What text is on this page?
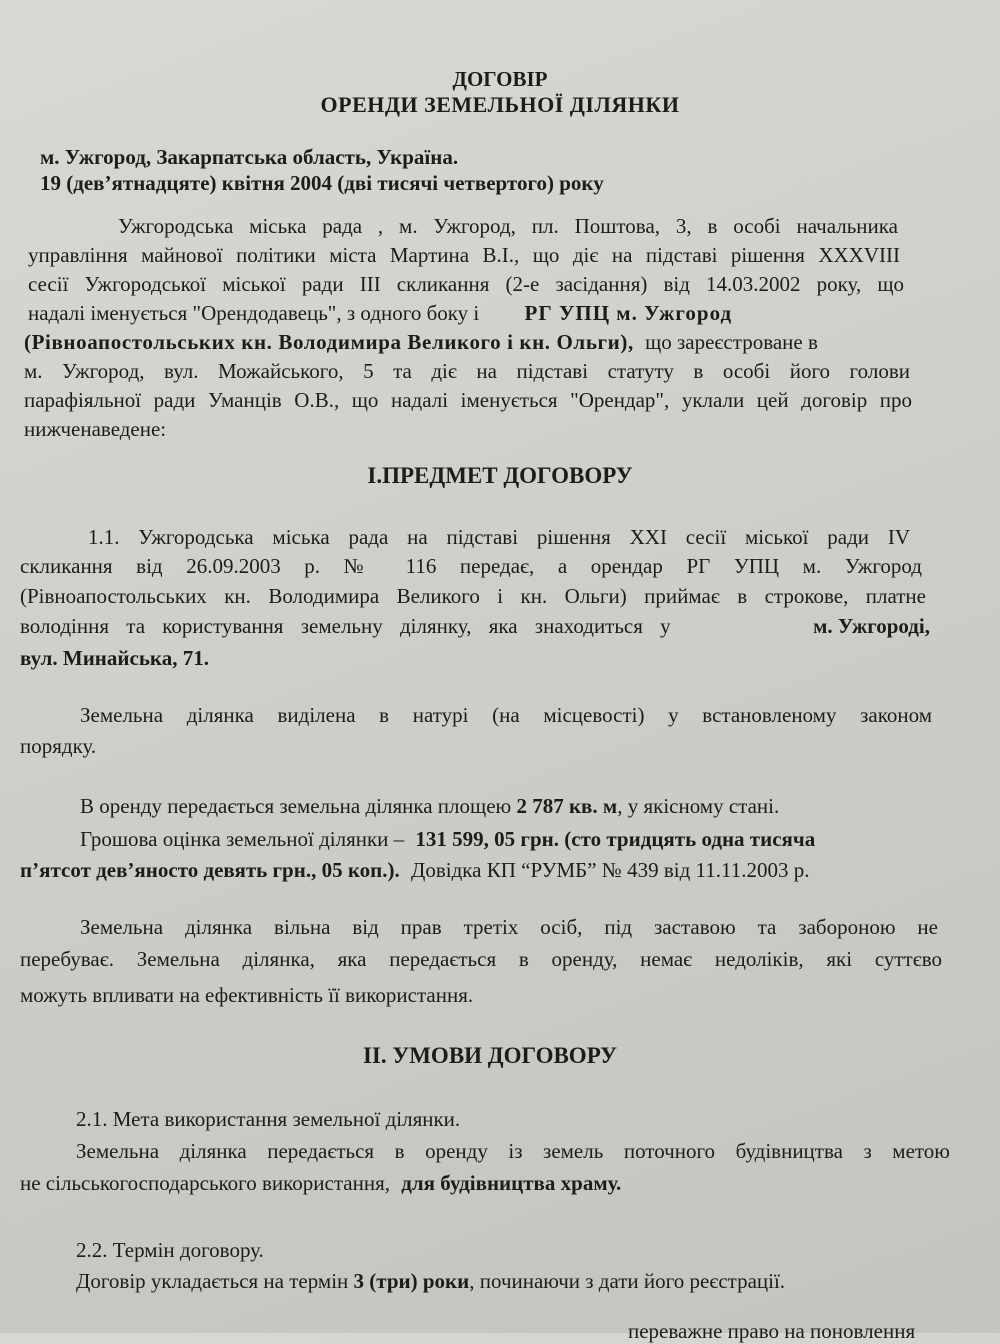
ДОГОВІР
ОРЕНДИ ЗЕМЕЛЬНОЇ ДІЛЯНКИ
м. Ужгород, Закарпатська область, Україна.
19 (дев’ятнадцяте) квітня 2004 (дві тисячі четвертого) року
Ужгородська міська рада , м. Ужгород, пл. Поштова, 3, в особі начальника
управління майнової політики міста Мартина В.І., що діє на підставі рішення XXXVIII
сесії Ужгородської міської ради III скликання (2-е засідання) від 14.03.2002 року, що
надалі іменується "Орендодавець", з одного боку і РГ УПЦ м. Ужгород
(Рівноапостольських кн. Володимира Великого і кн. Ольги), що зареєстроване в
м. Ужгород, вул. Можайського, 5 та діє на підставі статуту в особі його голови
парафіяльної ради Уманців О.В., що надалі іменується "Орендар", уклали цей договір про
нижченаведене:
І.ПРЕДМЕТ ДОГОВОРУ
1.1. Ужгородська міська рада на підставі рішення XXI сесії міської ради IV
скликання від 26.09.2003 р. № 116 передає, а орендар РГ УПЦ м. Ужгород
(Рівноапостольських кн. Володимира Великого і кн. Ольги) приймає в строкове, платне
володіння та користування земельну ділянку, яка знаходиться у	м. Ужгороді,
вул. Минайська, 71.
Земельна ділянка виділена в натурі (на місцевості) у встановленому законом
порядку.
В оренду передається земельна ділянка площею 2 787 кв. м, у якісному стані.
Грошова оцінка земельної ділянки – 131 599, 05 грн. (сто тридцять одна тисяча
п’ятсот дев’яносто девять грн., 05 коп.). Довідка КП “РУМБ” № 439 від 11.11.2003 р.
Земельна ділянка вільна від прав третіх осіб, під заставою та забороною не
перебуває. Земельна ділянка, яка передається в оренду, немає недоліків, які суттєво
можуть впливати на ефективність її використання.
ІІ. УМОВИ ДОГОВОРУ
2.1. Мета використання земельної ділянки.
Земельна ділянка передається в оренду із земель поточного будівництва з метою
не сільськогосподарського використання, для будівництва храму.
2.2. Термін договору.
Договір укладається на термін 3 (три) роки, починаючи з дати його реєстрації.
переважне право на поновлення
